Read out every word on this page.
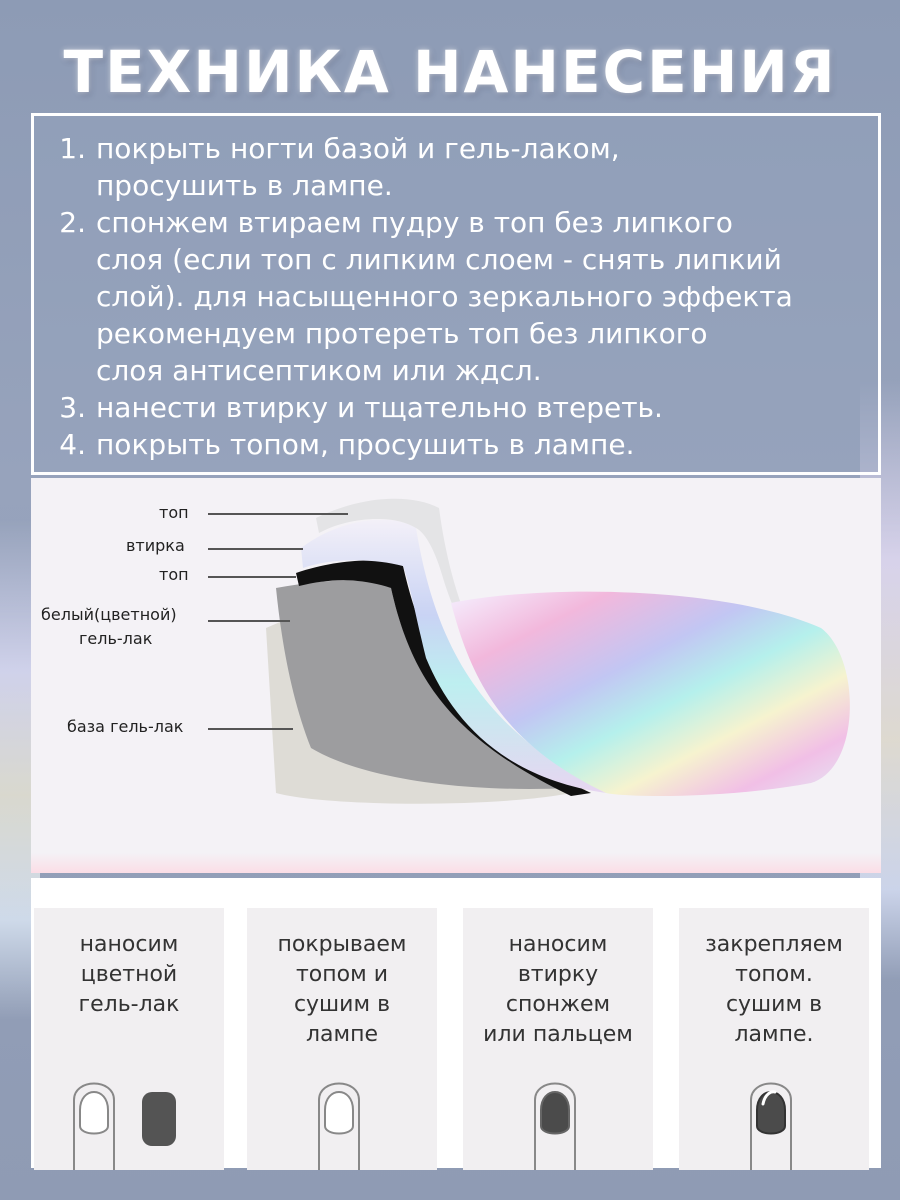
ТЕХНИКА НАНЕСЕНИЯ
1. покрыть ногти базой и гель-лаком,
просушить в лампе.
2. спонжем втираем пудру в топ без липкого
слоя (если топ с липким слоем - снять липкий
слой). для насыщенного зеркального эффекта
рекомендуем протереть топ без липкого
слоя антисептиком или ждсл.
3. нанести втирку и тщательно втереть.
4. покрыть топом, просушить в лампе.
топ
втирка
топ
белый(цветной)
гель-лак
база гель-лак
наносим
цветной
гель-лак
покрываем
топом и
сушим в
лампе
наносим
втирку
спонжем
или пальцем
закрепляем
топом.
сушим в
лампе.
